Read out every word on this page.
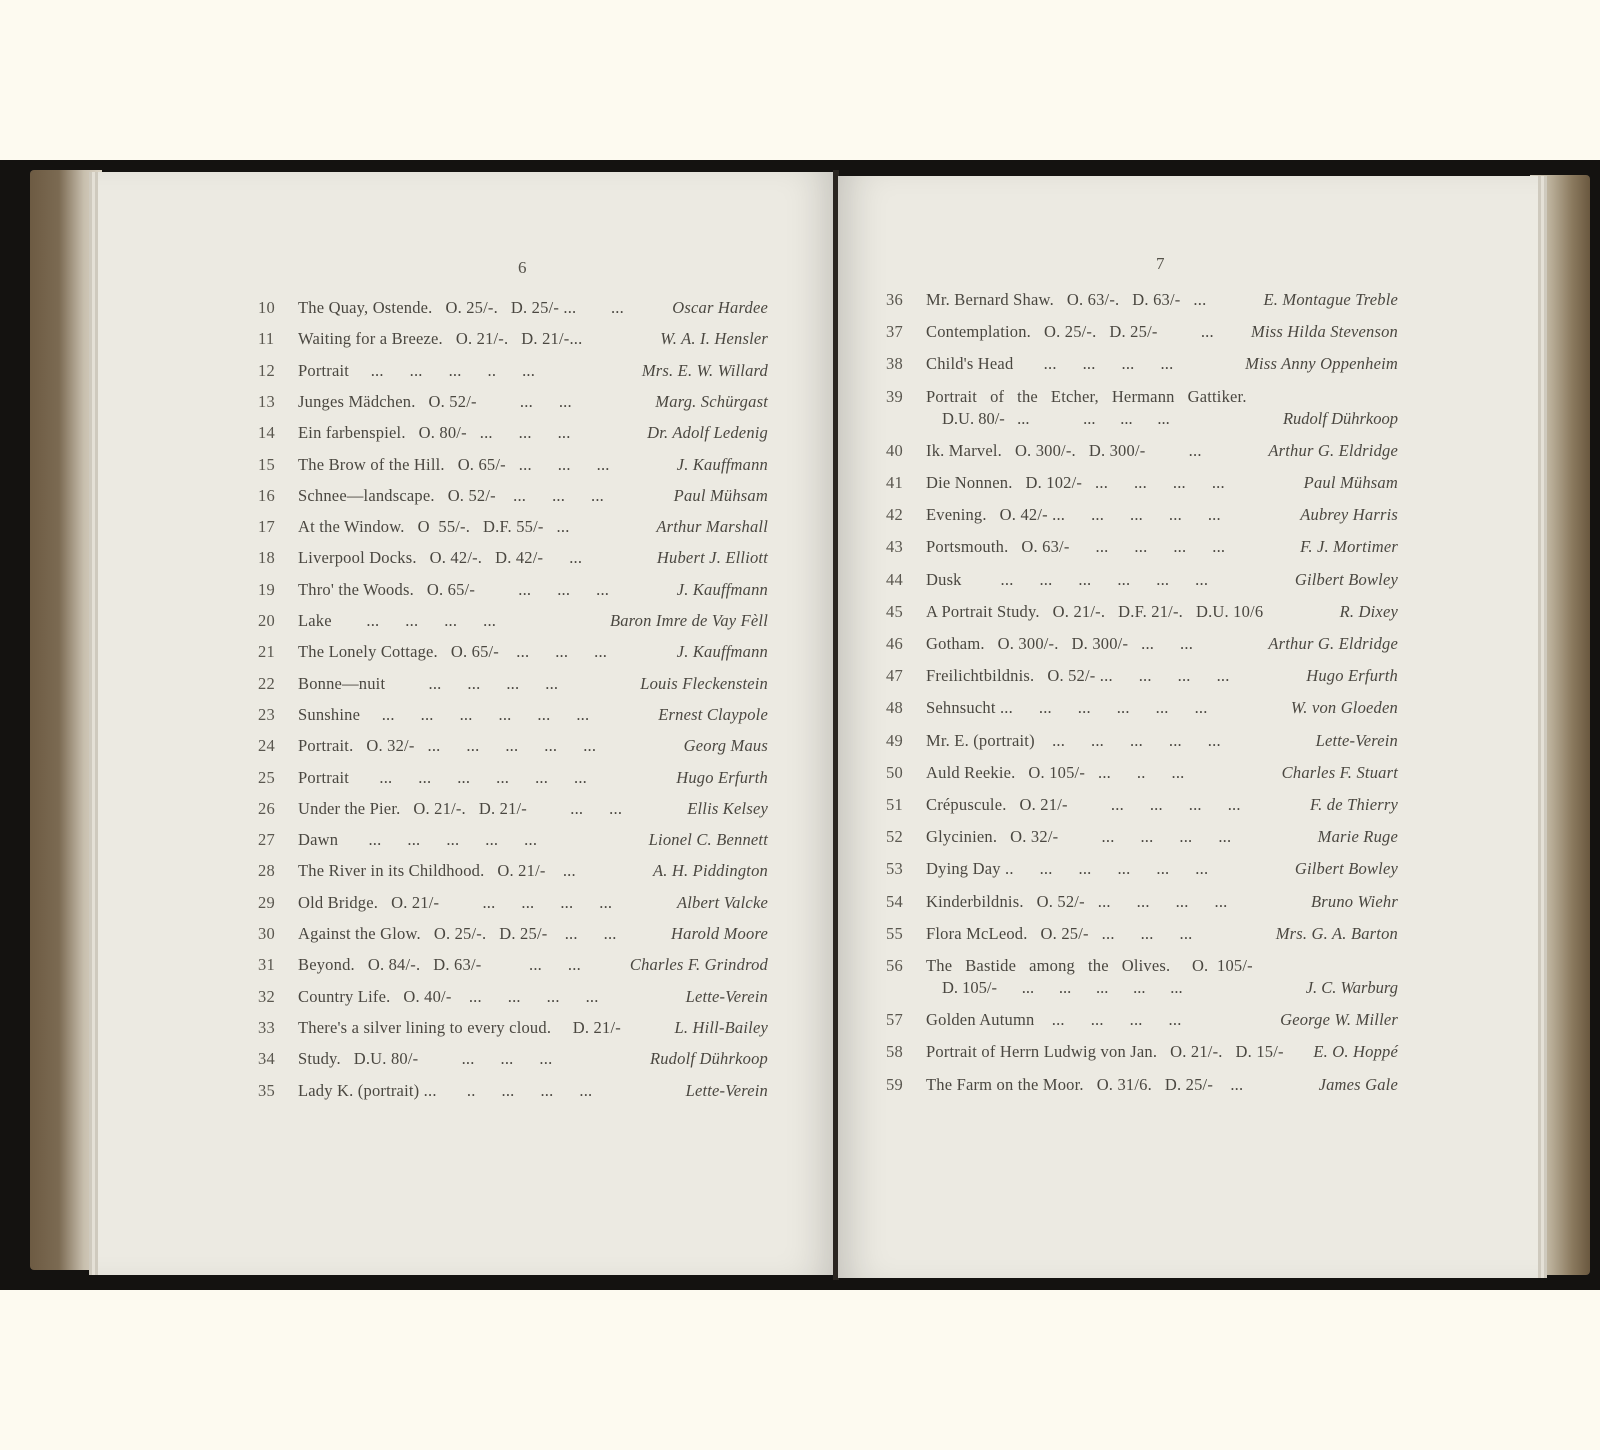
6
10	The Quay, Ostende.   O. 25/-.   D. 25/- ...        ...	Oscar Hardee
11	Waiting for a Breeze.   O. 21/-.   D. 21/-...	W. A. I. Hensler
12	Portrait     ...      ...      ...      ..      ...	Mrs. E. W. Willard
13	Junges Mädchen.   O. 52/-          ...      ...	Marg. Schürgast
14	Ein farbenspiel.   O. 80/-   ...      ...      ...	Dr. Adolf Ledenig
15	The Brow of the Hill.   O. 65/-   ...      ...      ...	J. Kauffmann
16	Schnee—landscape.   O. 52/-    ...      ...      ...	Paul Mühsam
17	At the Window.   O  55/-.   D.F. 55/-   ...	Arthur Marshall
18	Liverpool Docks.   O. 42/-.   D. 42/-      ...	Hubert J. Elliott
19	Thro' the Woods.   O. 65/-          ...      ...      ...	J. Kauffmann
20	Lake        ...      ...      ...      ...	Baron Imre de Vay Fèll
21	The Lonely Cottage.   O. 65/-    ...      ...      ...	J. Kauffmann
22	Bonne—nuit          ...      ...      ...      ...	Louis Fleckenstein
23	Sunshine     ...      ...      ...      ...      ...      ...	Ernest Claypole
24	Portrait.   O. 32/-   ...      ...      ...      ...      ...	Georg Maus
25	Portrait       ...      ...      ...      ...      ...      ...	Hugo Erfurth
26	Under the Pier.   O. 21/-.   D. 21/-          ...      ...	Ellis Kelsey
27	Dawn       ...      ...      ...      ...      ...	Lionel C. Bennett
28	The River in its Childhood.   O. 21/-    ...	A. H. Piddington
29	Old Bridge.   O. 21/-          ...      ...      ...      ...	Albert Valcke
30	Against the Glow.   O. 25/-.   D. 25/-    ...      ...	Harold Moore
31	Beyond.   O. 84/-.   D. 63/-           ...      ...	Charles F. Grindrod
32	Country Life.   O. 40/-    ...      ...      ...      ...	Lette-Verein
33	There's a silver lining to every cloud.     D. 21/-	L. Hill-Bailey
34	Study.   D.U. 80/-          ...      ...      ...	Rudolf Dührkoop
35	Lady K. (portrait) ...       ..      ...      ...      ...	Lette-Verein
7
36	Mr. Bernard Shaw.   O. 63/-.   D. 63/-   ...	E. Montague Treble
37	Contemplation.   O. 25/-.   D. 25/-          ...	Miss Hilda Stevenson
38	Child's Head       ...      ...      ...      ...	Miss Anny Oppenheim
39	Portrait   of   the   Etcher,   Hermann   Gattiker.
D.U. 80/-   ...             ...      ...      ...	Rudolf Dührkoop
40	Ik. Marvel.   O. 300/-.   D. 300/-          ...	Arthur G. Eldridge
41	Die Nonnen.   D. 102/-   ...      ...      ...      ...	Paul Mühsam
42	Evening.   O. 42/- ...      ...      ...      ...      ...	Aubrey Harris
43	Portsmouth.   O. 63/-      ...      ...      ...      ...	F. J. Mortimer
44	Dusk         ...      ...      ...      ...      ...      ...	Gilbert Bowley
45	A Portrait Study.   O. 21/-.   D.F. 21/-.   D.U. 10/6	R. Dixey
46	Gotham.   O. 300/-.   D. 300/-   ...      ...	Arthur G. Eldridge
47	Freilichtbildnis.   O. 52/- ...      ...      ...      ...	Hugo Erfurth
48	Sehnsucht ...      ...      ...      ...      ...      ...	W. von Gloeden
49	Mr. E. (portrait)    ...      ...      ...      ...      ...	Lette-Verein
50	Auld Reekie.   O. 105/-   ...      ..      ...	Charles F. Stuart
51	Crépuscule.   O. 21/-          ...      ...      ...      ...	F. de Thierry
52	Glycinien.   O. 32/-          ...      ...      ...      ...	Marie Ruge
53	Dying Day ..      ...      ...      ...      ...      ...	Gilbert Bowley
54	Kinderbildnis.   O. 52/-   ...      ...      ...      ...	Bruno Wiehr
55	Flora McLeod.   O. 25/-   ...      ...      ...	Mrs. G. A. Barton
56	The   Bastide   among   the   Olives.     O.  105/-
D. 105/-      ...      ...      ...      ...      ...	J. C. Warburg
57	Golden Autumn    ...      ...      ...      ...	George W. Miller
58	Portrait of Herrn Ludwig von Jan.   O. 21/-.   D. 15/-	E. O. Hoppé
59	The Farm on the Moor.   O. 31/6.   D. 25/-    ...	James Gale
